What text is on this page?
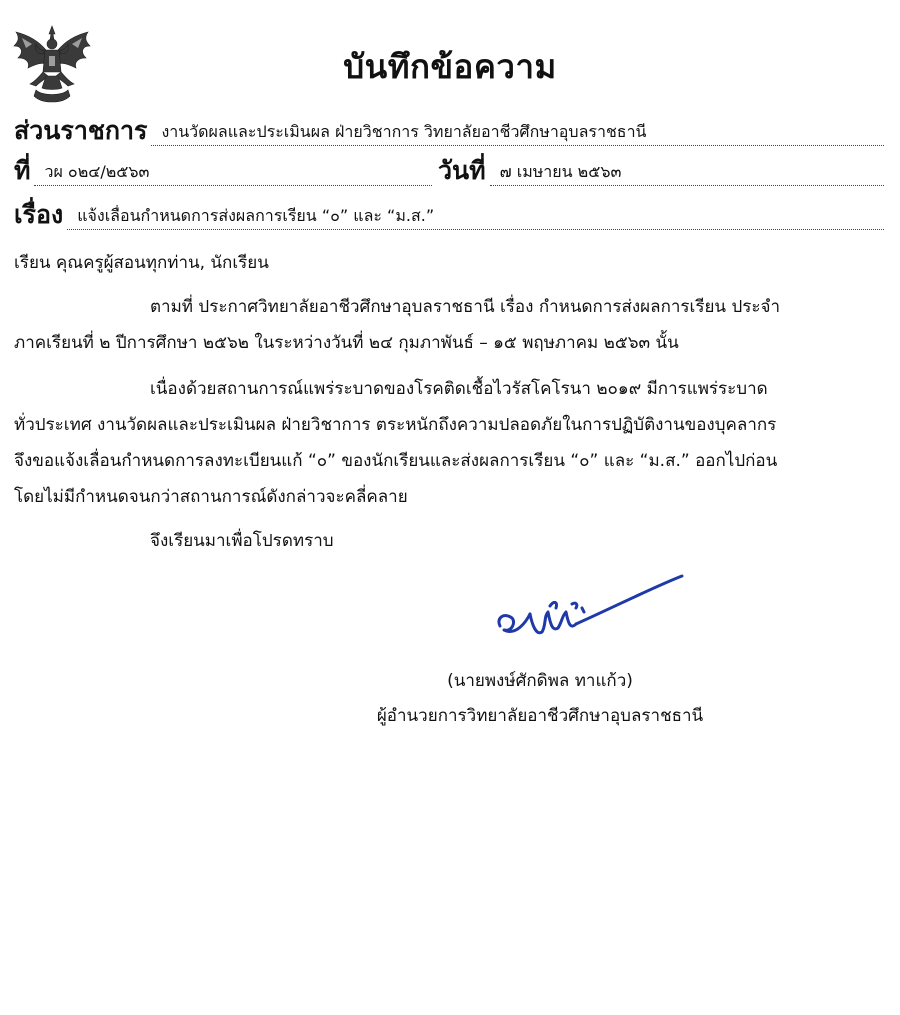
บันทึกข้อความ
ส่วนราชการ งานวัดผลและประเมินผล ฝ่ายวิชาการ วิทยาลัยอาชีวศึกษาอุบลราชธานี
ที่ วผ ๐๒๔/๒๕๖๓	วันที่ ๗ เมษายน ๒๕๖๓
เรื่อง แจ้งเลื่อนกำหนดการส่งผลการเรียน “๐” และ “ม.ส.”
เรียน คุณครูผู้สอนทุกท่าน, นักเรียน
ตามที่ ประกาศวิทยาลัยอาชีวศึกษาอุบลราชธานี เรื่อง กำหนดการส่งผลการเรียน ประจำ
ภาคเรียนที่ ๒ ปีการศึกษา ๒๕๖๒ ในระหว่างวันที่ ๒๔ กุมภาพันธ์ – ๑๕ พฤษภาคม ๒๕๖๓ นั้น
เนื่องด้วยสถานการณ์แพร่ระบาดของโรคติดเชื้อไวรัสโคโรนา ๒๐๑๙ มีการแพร่ระบาด
ทั่วประเทศ งานวัดผลและประเมินผล ฝ่ายวิชาการ ตระหนักถึงความปลอดภัยในการปฏิบัติงานของบุคลากร
จึงขอแจ้งเลื่อนกำหนดการลงทะเบียนแก้ “๐” ของนักเรียนและส่งผลการเรียน “๐” และ “ม.ส.” ออกไปก่อน
โดยไม่มีกำหนดจนกว่าสถานการณ์ดังกล่าวจะคลี่คลาย
จึงเรียนมาเพื่อโปรดทราบ
(นายพงษ์ศักดิพล ทาแก้ว)
ผู้อำนวยการวิทยาลัยอาชีวศึกษาอุบลราชธานี
